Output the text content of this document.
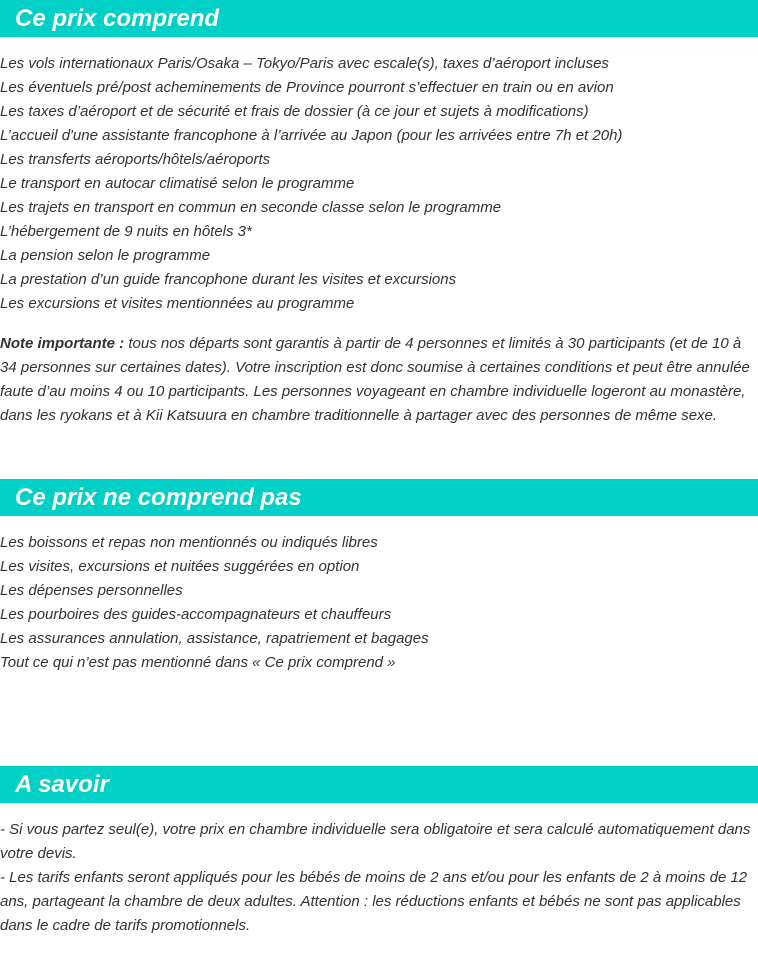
Ce prix comprend
Les vols internationaux Paris/Osaka – Tokyo/Paris avec escale(s), taxes d’aéroport incluses
Les éventuels pré/post acheminements de Province pourront s’effectuer en train ou en avion
Les taxes d’aéroport et de sécurité et frais de dossier (à ce jour et sujets à modifications)
L’accueil d'une assistante francophone à l’arrivée au Japon (pour les arrivées entre 7h et 20h)
Les transferts aéroports/hôtels/aéroports
Le transport en autocar climatisé selon le programme
Les trajets en transport en commun en seconde classe selon le programme
L’hébergement de 9 nuits en hôtels 3*
La pension selon le programme
La prestation d’un guide francophone durant les visites et excursions
Les excursions et visites mentionnées au programme

Note importante : tous nos départs sont garantis à partir de 4 personnes et limités à 30 participants (et de 10 à 34 personnes sur certaines dates). Votre inscription est donc soumise à certaines conditions et peut être annulée faute d’au moins 4 ou 10 participants. Les personnes voyageant en chambre individuelle logeront au monastère, dans les ryokans et à Kii Katsuura en chambre traditionnelle à partager avec des personnes de même sexe.

Ce prix ne comprend pas
Les boissons et repas non mentionnés ou indiqués libres
Les visites, excursions et nuitées suggérées en option
Les dépenses personnelles
Les pourboires des guides-accompagnateurs et chauffeurs
Les assurances annulation, assistance, rapatriement et bagages
Tout ce qui n’est pas mentionné dans « Ce prix comprend »
A savoir

- Si vous partez seul(e), votre prix en chambre individuelle sera obligatoire et sera calculé automatiquement dans votre devis.

- Les tarifs enfants seront appliqués pour les bébés de moins de 2 ans et/ou pour les enfants de 2 à moins de 12 ans, partageant la chambre de deux adultes. Attention : les réductions enfants et bébés ne sont pas applicables dans le cadre de tarifs promotionnels.
